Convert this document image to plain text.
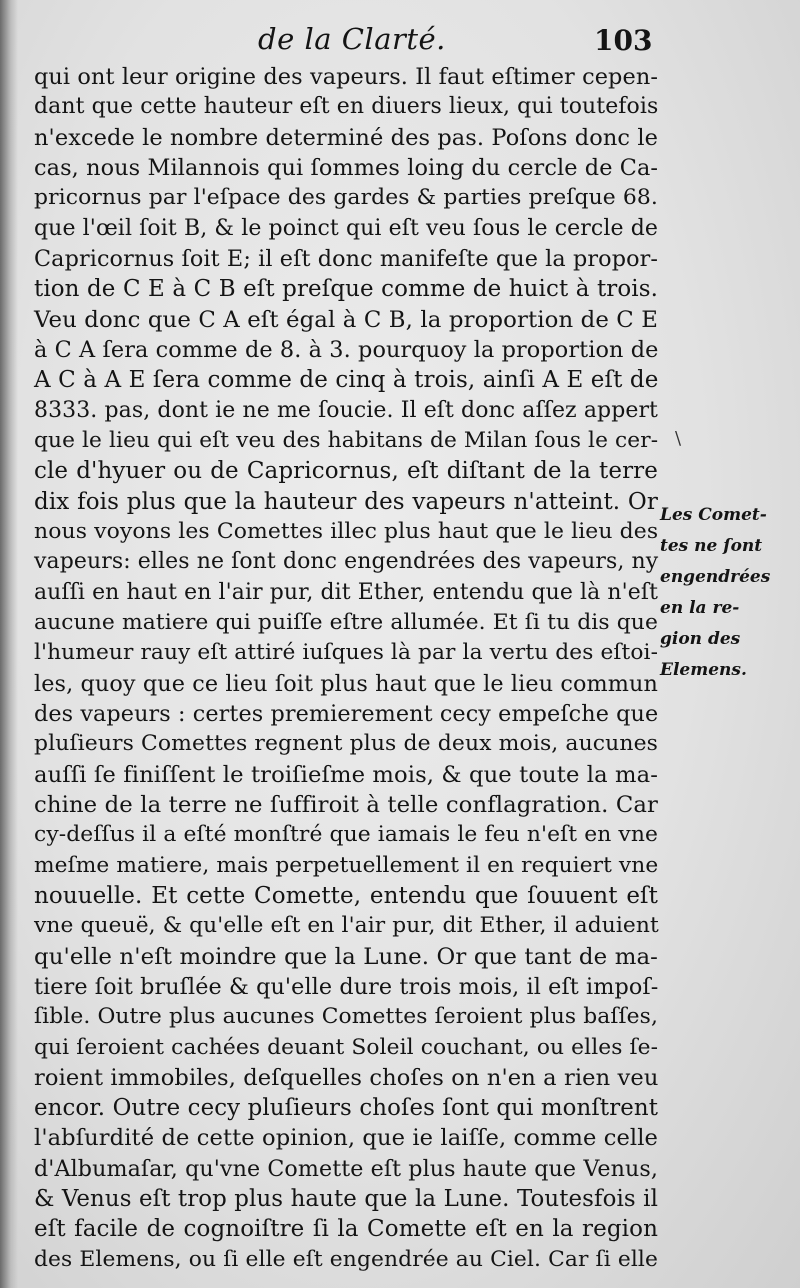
de la Clarté.	103
qui ont leur origine des vapeurs. Il faut eſtimer cepen-
dant que cette hauteur eſt en diuers lieux, qui toutefois
n'excede le nombre determiné des pas. Poſons donc le
cas, nous Milannois qui ſommes loing du cercle de Ca-
pricornus par l'eſpace des gardes & parties preſque 68.
que l'œil ſoit B, & le poinct qui eſt veu ſous le cercle de
Capricornus ſoit E; il eſt donc manifeſte que la propor-
tion de C E à C B eſt preſque comme de huict à trois.
Veu donc que C A eſt égal à C B, la proportion de C E
à C A ſera comme de 8. à 3. pourquoy la proportion de
A C à A E ſera comme de cinq à trois, ainſi A E eſt de
8333. pas, dont ie ne me ſoucie. Il eſt donc aſſez appert
que le lieu qui eſt veu des habitans de Milan ſous le cer-
cle d'hyuer ou de Capricornus, eſt diſtant de la terre
dix fois plus que la hauteur des vapeurs n'atteint. Or
nous voyons les Comettes illec plus haut que le lieu des
vapeurs: elles ne ſont donc engendrées des vapeurs, ny
auſſi en haut en l'air pur, dit Ether, entendu que là n'eſt
aucune matiere qui puiſſe eſtre allumée. Et ſi tu dis que
l'humeur rauy eſt attiré iuſques là par la vertu des eſtoi-
les, quoy que ce lieu ſoit plus haut que le lieu commun
des vapeurs : certes premierement cecy empeſche que
pluſieurs Comettes regnent plus de deux mois, aucunes
auſſi ſe finiſſent le troiſieſme mois, & que toute la ma-
chine de la terre ne ſuffiroit à telle conflagration. Car
cy-deſſus il a eſté monſtré que iamais le feu n'eſt en vne
meſme matiere, mais perpetuellement il en requiert vne
nouuelle. Et cette Comette, entendu que ſouuent eſt
vne queuë, & qu'elle eſt en l'air pur, dit Ether, il aduient
qu'elle n'eſt moindre que la Lune. Or que tant de ma-
tiere ſoit bruſlée & qu'elle dure trois mois, il eſt impoſ-
ſible. Outre plus aucunes Comettes ſeroient plus baſſes,
qui ſeroient cachées deuant Soleil couchant, ou elles ſe-
roient immobiles, deſquelles choſes on n'en a rien veu
encor. Outre cecy pluſieurs choſes ſont qui monſtrent
l'abſurdité de cette opinion, que ie laiſſe, comme celle
d'Albumaſar, qu'vne Comette eſt plus haute que Venus,
& Venus eſt trop plus haute que la Lune. Toutesfois il
eſt facile de cognoiſtre ſi la Comette eſt en la region
des Elemens, ou ſi elle eſt engendrée au Ciel. Car ſi elle
\
Les Comet-
tes ne ſont
engendrées
en la re-
gion des
Elemens.
